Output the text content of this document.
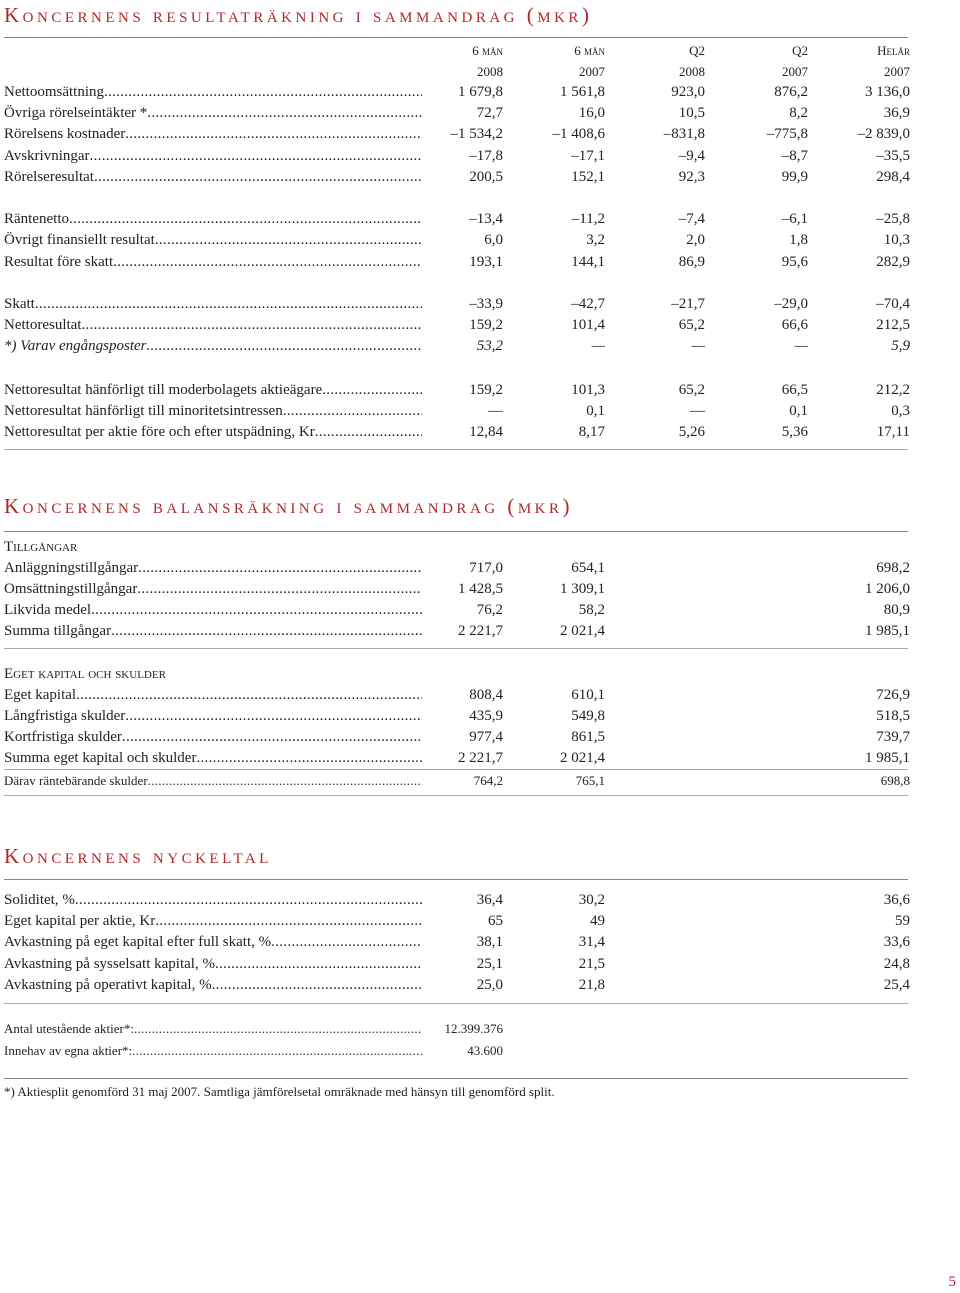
Koncernens resultaträkning i sammandrag (mkr)
6 mån	6 mån	Q2	Q2	Helår
2008	2007	2008	2007	2007
Nettoomsättning .....	1 679,8	1 561,8	923,0	876,2	3 136,0
Övriga rörelseintäkter * .....	72,7	16,0	10,5	8,2	36,9
Rörelsens kostnader .....	–1 534,2	–1 408,6	–831,8	–775,8	–2 839,0
Avskrivningar .....	–17,8	–17,1	–9,4	–8,7	–35,5
Rörelseresultat .....	200,5	152,1	92,3	99,9	298,4
Räntenetto .....	–13,4	–11,2	–7,4	–6,1	–25,8
Övrigt finansiellt resultat .....	6,0	3,2	2,0	1,8	10,3
Resultat före skatt .....	193,1	144,1	86,9	95,6	282,9
Skatt .....	–33,9	–42,7	–21,7	–29,0	–70,4
Nettoresultat .....	159,2	101,4	65,2	66,6	212,5
*) Varav engångsposter .....	53,2	—	—	—	5,9
Nettoresultat hänförligt till moderbolagets aktieägare .....	159,2	101,3	65,2	66,5	212,2
Nettoresultat hänförligt till minoritetsintressen .....	—	0,1	—	0,1	0,3
Nettoresultat per aktie före och efter utspädning, Kr .....	12,84	8,17	5,26	5,36	17,11
Koncernens balansräkning i sammandrag (mkr)
Tillgångar
Anläggningstillgångar .....	717,0	654,1	698,2
Omsättningstillgångar .....	1 428,5	1 309,1	1 206,0
Likvida medel .....	76,2	58,2	80,9
Summa tillgångar .....	2 221,7	2 021,4	1 985,1
Eget kapital och skulder
Eget kapital .....	808,4	610,1	726,9
Långfristiga skulder .....	435,9	549,8	518,5
Kortfristiga skulder .....	977,4	861,5	739,7
Summa eget kapital och skulder .....	2 221,7	2 021,4	1 985,1
Därav räntebärande skulder .....	764,2	765,1	698,8
Koncernens nyckeltal
Soliditet, % .....	36,4	30,2	36,6
Eget kapital per aktie, Kr .....	65	49	59
Avkastning på eget kapital efter full skatt, % .....	38,1	31,4	33,6
Avkastning på sysselsatt kapital, % .....	25,1	21,5	24,8
Avkastning på operativt kapital, % .....	25,0	21,8	25,4
Antal utestående aktier*: .....	12.399.376
Innehav av egna aktier*: .....	43.600
*) Aktiesplit genomförd 31 maj 2007. Samtliga jämförelsetal omräknade med hänsyn till genomförd split.
5
